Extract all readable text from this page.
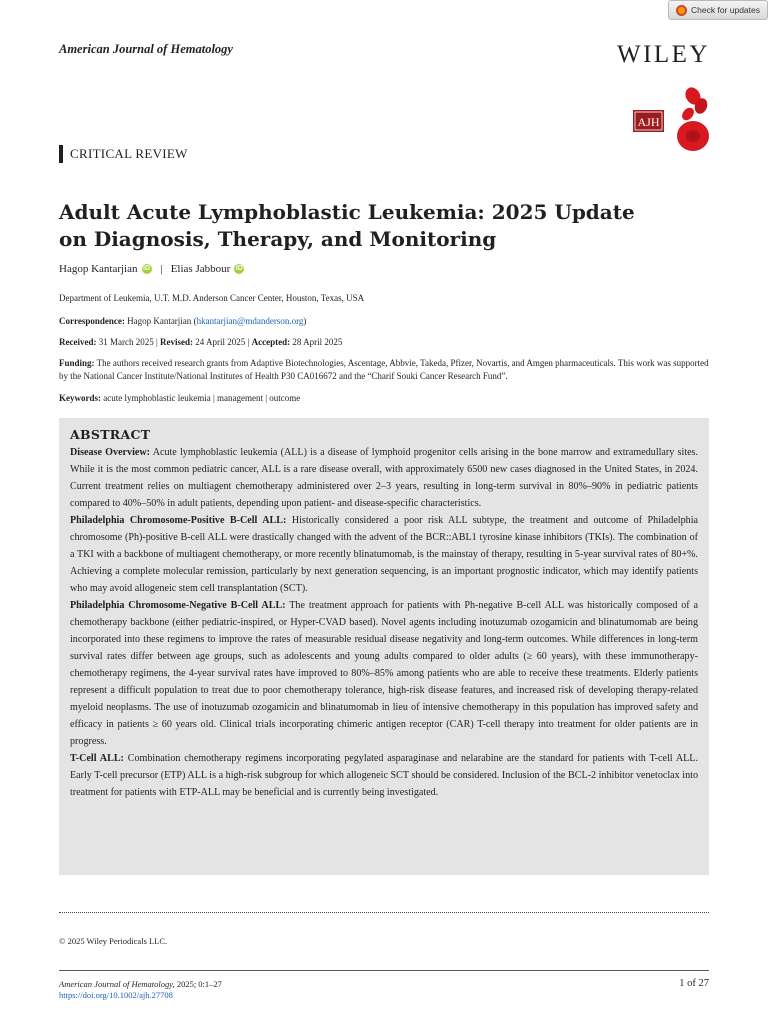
Check for updates
American Journal of Hematology	WILEY
AJH
CRITICAL REVIEW
Adult Acute Lymphoblastic Leukemia: 2025 Update on Diagnosis, Therapy, and Monitoring
Hagop Kantarjian iD | Elias Jabbour iD
Department of Leukemia, U.T. M.D. Anderson Cancer Center, Houston, Texas, USA
Correspondence: Hagop Kantarjian (hkantarjian@mdanderson.org)
Received: 31 March 2025 | Revised: 24 April 2025 | Accepted: 28 April 2025
Funding: The authors received research grants from Adaptive Biotechnologies, Ascentage, Abbvie, Takeda, Pfizer, Novartis, and Amgen pharmaceuticals. This work was supported by the National Cancer Institute/National Institutes of Health P30 CA016672 and the “Charif Souki Cancer Research Fund”.
Keywords: acute lymphoblastic leukemia | management | outcome
ABSTRACT

Disease Overview: Acute lymphoblastic leukemia (ALL) is a disease of lymphoid progenitor cells arising in the bone marrow and extramedullary sites. While it is the most common pediatric cancer, ALL is a rare disease overall, with approximately 6500 new cases diagnosed in the United States, in 2024. Current treatment relies on multiagent chemotherapy administered over 2–3 years, resulting in long-term survival in 80%–90% in pediatric patients compared to 40%–50% in adult patients, depending upon patient- and disease-specific characteristics.

Philadelphia Chromosome-Positive B-Cell ALL: Historically considered a poor risk ALL subtype, the treatment and outcome of Philadelphia chromosome (Ph)-positive B-cell ALL were drastically changed with the advent of the BCR::ABL1 tyrosine kinase inhibitors (TKIs). The combination of a TKI with a backbone of multiagent chemotherapy, or more recently blinatumomab, is the mainstay of therapy, resulting in 5-year survival rates of 80+%. Achieving a complete molecular remission, particularly by next generation sequencing, is an important prognostic indicator, which may identify patients who may avoid allogeneic stem cell transplantation (SCT).

Philadelphia Chromosome-Negative B-Cell ALL: The treatment approach for patients with Ph-negative B-cell ALL was historically composed of a chemotherapy backbone (either pediatric-inspired, or Hyper-CVAD based). Novel agents including inotuzumab ozogamicin and blinatumomab are being incorporated into these regimens to improve the rates of measurable residual disease negativity and long-term outcomes. While differences in long-term survival rates differ between age groups, such as adolescents and young adults compared to older adults (≥ 60 years), with these immunotherapy-chemotherapy regimens, the 4-year survival rates have improved to 80%–85% among patients who are able to receive these treatments. Elderly patients represent a difficult population to treat due to poor chemotherapy tolerance, high-risk disease features, and increased risk of developing therapy-related myeloid neoplasms. The use of inotuzumab ozogamicin and blinatumomab in lieu of intensive chemotherapy in this population has improved safety and efficacy in patients ≥ 60 years old. Clinical trials incorporating chimeric antigen receptor (CAR) T-cell therapy into treatment for older patients are in progress.

T-Cell ALL: Combination chemotherapy regimens incorporating pegylated asparaginase and nelarabine are the standard for patients with T-cell ALL. Early T-cell precursor (ETP) ALL is a high-risk subgroup for which allogeneic SCT should be considered. Inclusion of the BCL-2 inhibitor venetoclax into treatment for patients with ETP-ALL may be beneficial and is currently being investigated.

© 2025 Wiley Periodicals LLC.
American Journal of Hematology, 2025; 0:1–27
https://doi.org/10.1002/ajh.27708
1 of 27
